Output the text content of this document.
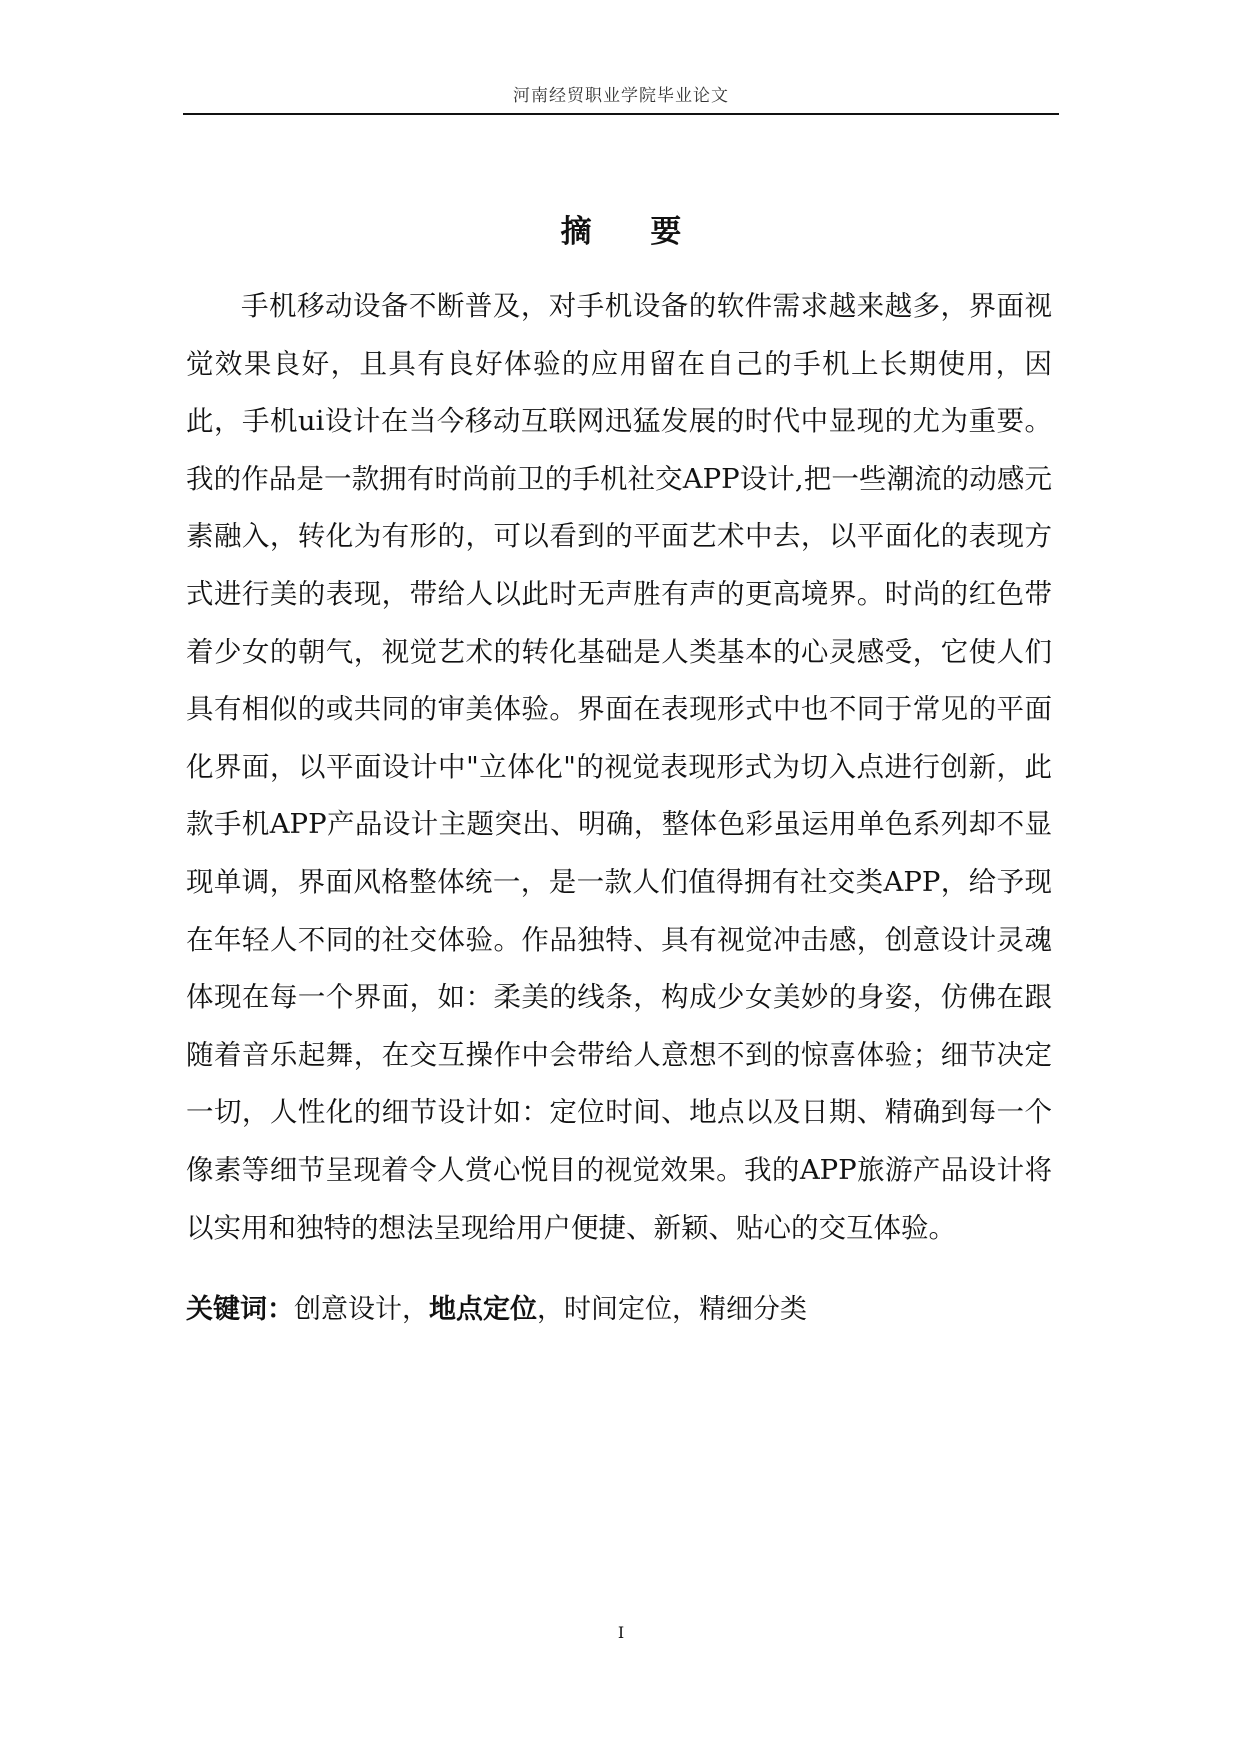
河南经贸职业学院毕业论文
摘 要

手机移动设备不断普及，对手机设备的软件需求越来越多，界面视觉效果良好，且具有良好体验的应用留在自己的手机上长期使用，因此，手机ui设计在当今移动互联网迅猛发展的时代中显现的尤为重要。我的作品是一款拥有时尚前卫的手机社交APP设计,把一些潮流的动感元素融入，转化为有形的，可以看到的平面艺术中去，以平面化的表现方式进行美的表现，带给人以此时无声胜有声的更高境界。时尚的红色带着少女的朝气，视觉艺术的转化基础是人类基本的心灵感受，它使人们具有相似的或共同的审美体验。界面在表现形式中也不同于常见的平面化界面，以平面设计中"立体化"的视觉表现形式为切入点进行创新，此款手机APP产品设计主题突出、明确，整体色彩虽运用单色系列却不显现单调，界面风格整体统一，是一款人们值得拥有社交类APP，给予现在年轻人不同的社交体验。作品独特、具有视觉冲击感，创意设计灵魂体现在每一个界面，如：柔美的线条，构成少女美妙的身姿，仿佛在跟随着音乐起舞，在交互操作中会带给人意想不到的惊喜体验；细节决定一切，人性化的细节设计如：定位时间、地点以及日期、精确到每一个像素等细节呈现着令人赏心悦目的视觉效果。我的APP旅游产品设计将以实用和独特的想法呈现给用户便捷、新颖、贴心的交互体验。

关键词：创意设计，地点定位，时间定位，精细分类
I
